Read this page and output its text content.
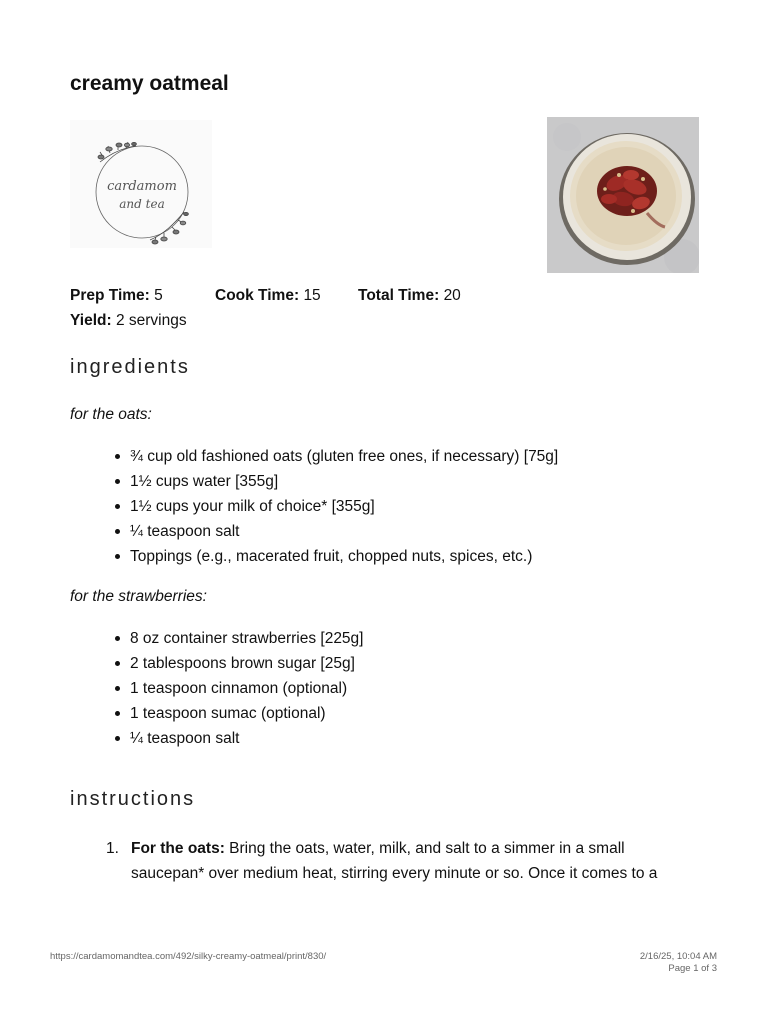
creamy oatmeal
cardamom
and tea
Prep Time: 5	Cook Time: 15 Total Time: 20
Yield: 2 servings
ingredients

for the oats:

¾ cup old fashioned oats (gluten free ones, if necessary) [75g]
1½ cups water [355g]
1½ cups your milk of choice* [355g]
¼ teaspoon salt
Toppings (e.g., macerated fruit, chopped nuts, spices, etc.)

for the strawberries:

8 oz container strawberries [225g]
2 tablespoons brown sugar [25g]
1 teaspoon cinnamon (optional)
1 teaspoon sumac (optional)
¼ teaspoon salt
instructions
1. For the oats: Bring the oats, water, milk, and salt to a simmer in a small saucepan* over medium heat, stirring every minute or so. Once it comes to a
https://cardamomandtea.com/492/silky-creamy-oatmeal/print/830/	2/16/25, 10:04 AM
Page 1 of 3
